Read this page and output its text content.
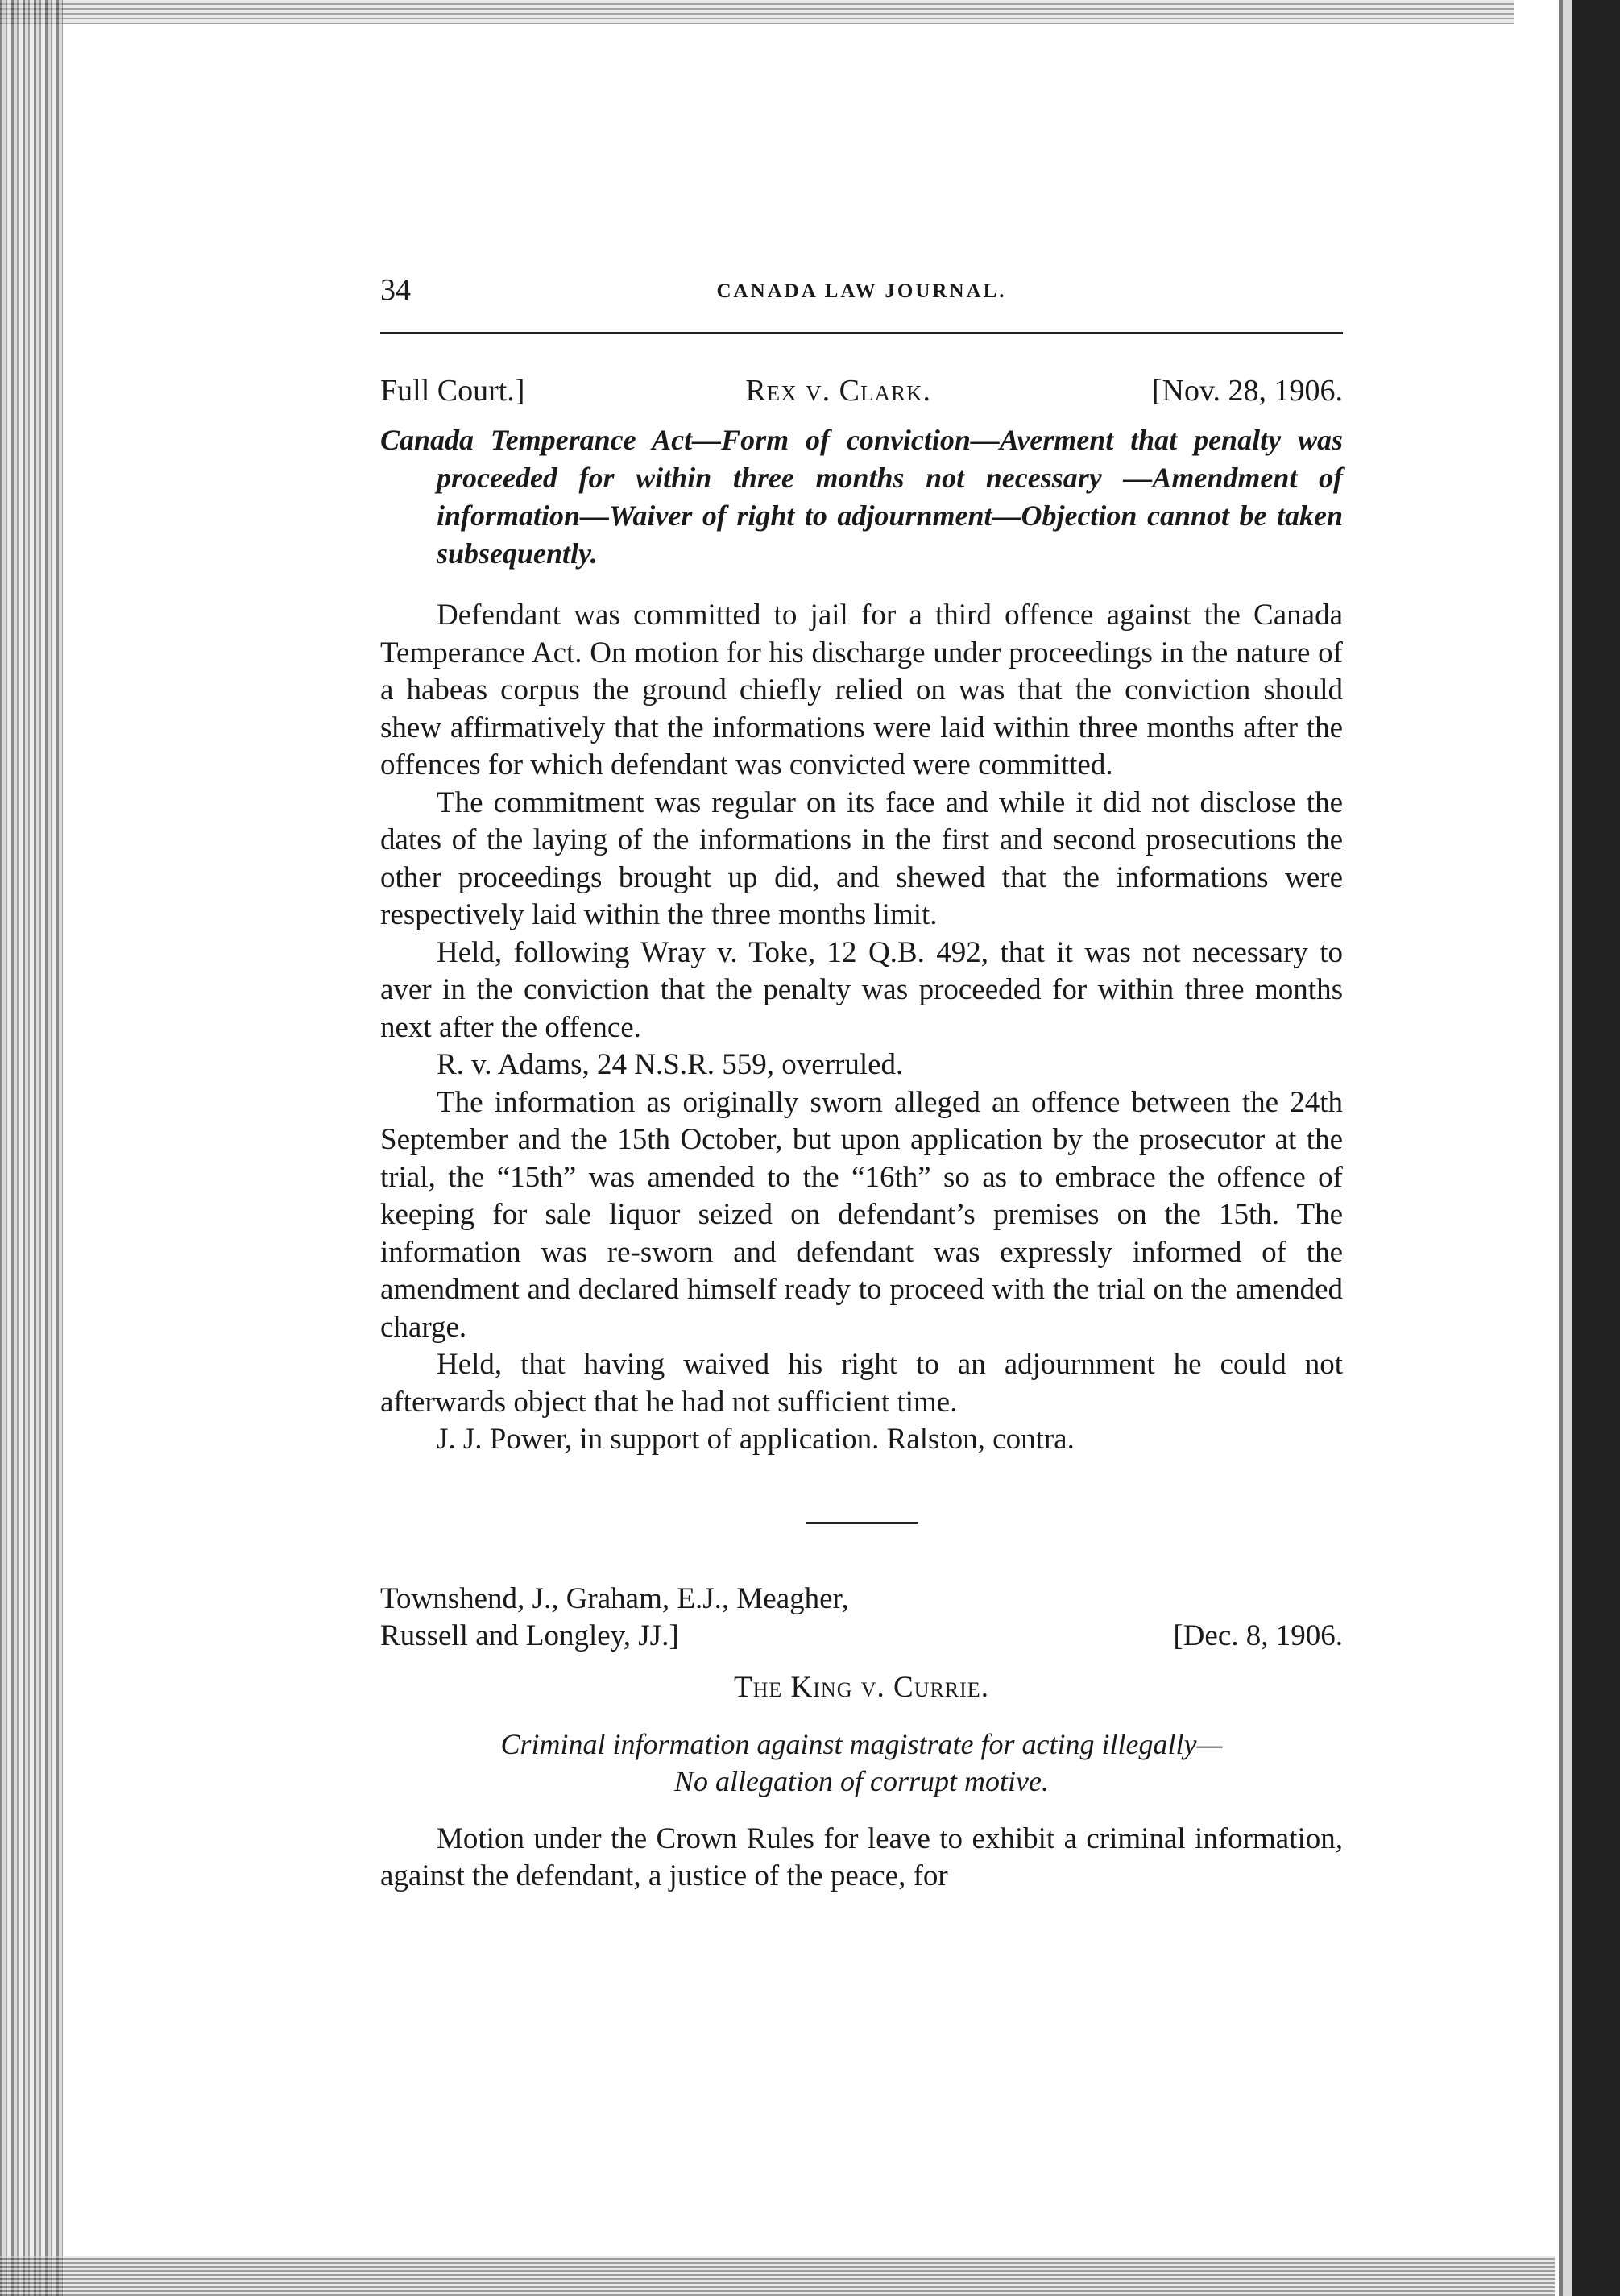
34	CANADA LAW JOURNAL.
Full Court.]	Rex v. Clark.	[Nov. 28, 1906.
Canada Temperance Act—Form of conviction—Averment that penalty was proceeded for within three months not necessary —Amendment of information—Waiver of right to adjournment—Objection cannot be taken subsequently.

Defendant was committed to jail for a third offence against the Canada Temperance Act. On motion for his discharge under proceedings in the nature of a habeas corpus the ground chiefly relied on was that the conviction should shew affirmatively that the informations were laid within three months after the offences for which defendant was convicted were committed.

The commitment was regular on its face and while it did not disclose the dates of the laying of the informations in the first and second prosecutions the other proceedings brought up did, and shewed that the informations were respectively laid within the three months limit.

Held, following Wray v. Toke, 12 Q.B. 492, that it was not necessary to aver in the conviction that the penalty was proceeded for within three months next after the offence.

R. v. Adams, 24 N.S.R. 559, overruled.

The information as originally sworn alleged an offence between the 24th September and the 15th October, but upon application by the prosecutor at the trial, the “15th” was amended to the “16th” so as to embrace the offence of keeping for sale liquor seized on defendant’s premises on the 15th. The information was re-sworn and defendant was expressly informed of the amendment and declared himself ready to proceed with the trial on the amended charge.

Held, that having waived his right to an adjournment he could not afterwards object that he had not sufficient time.

J. J. Power, in support of application. Ralston, contra.

Townshend, J., Graham, E.J., Meagher,
Russell and Longley, JJ.]	[Dec. 8, 1906.
The King v. Currie.
Criminal information against magistrate for acting illegally—
No allegation of corrupt motive.

Motion under the Crown Rules for leave to exhibit a criminal information, against the defendant, a justice of the peace, for
